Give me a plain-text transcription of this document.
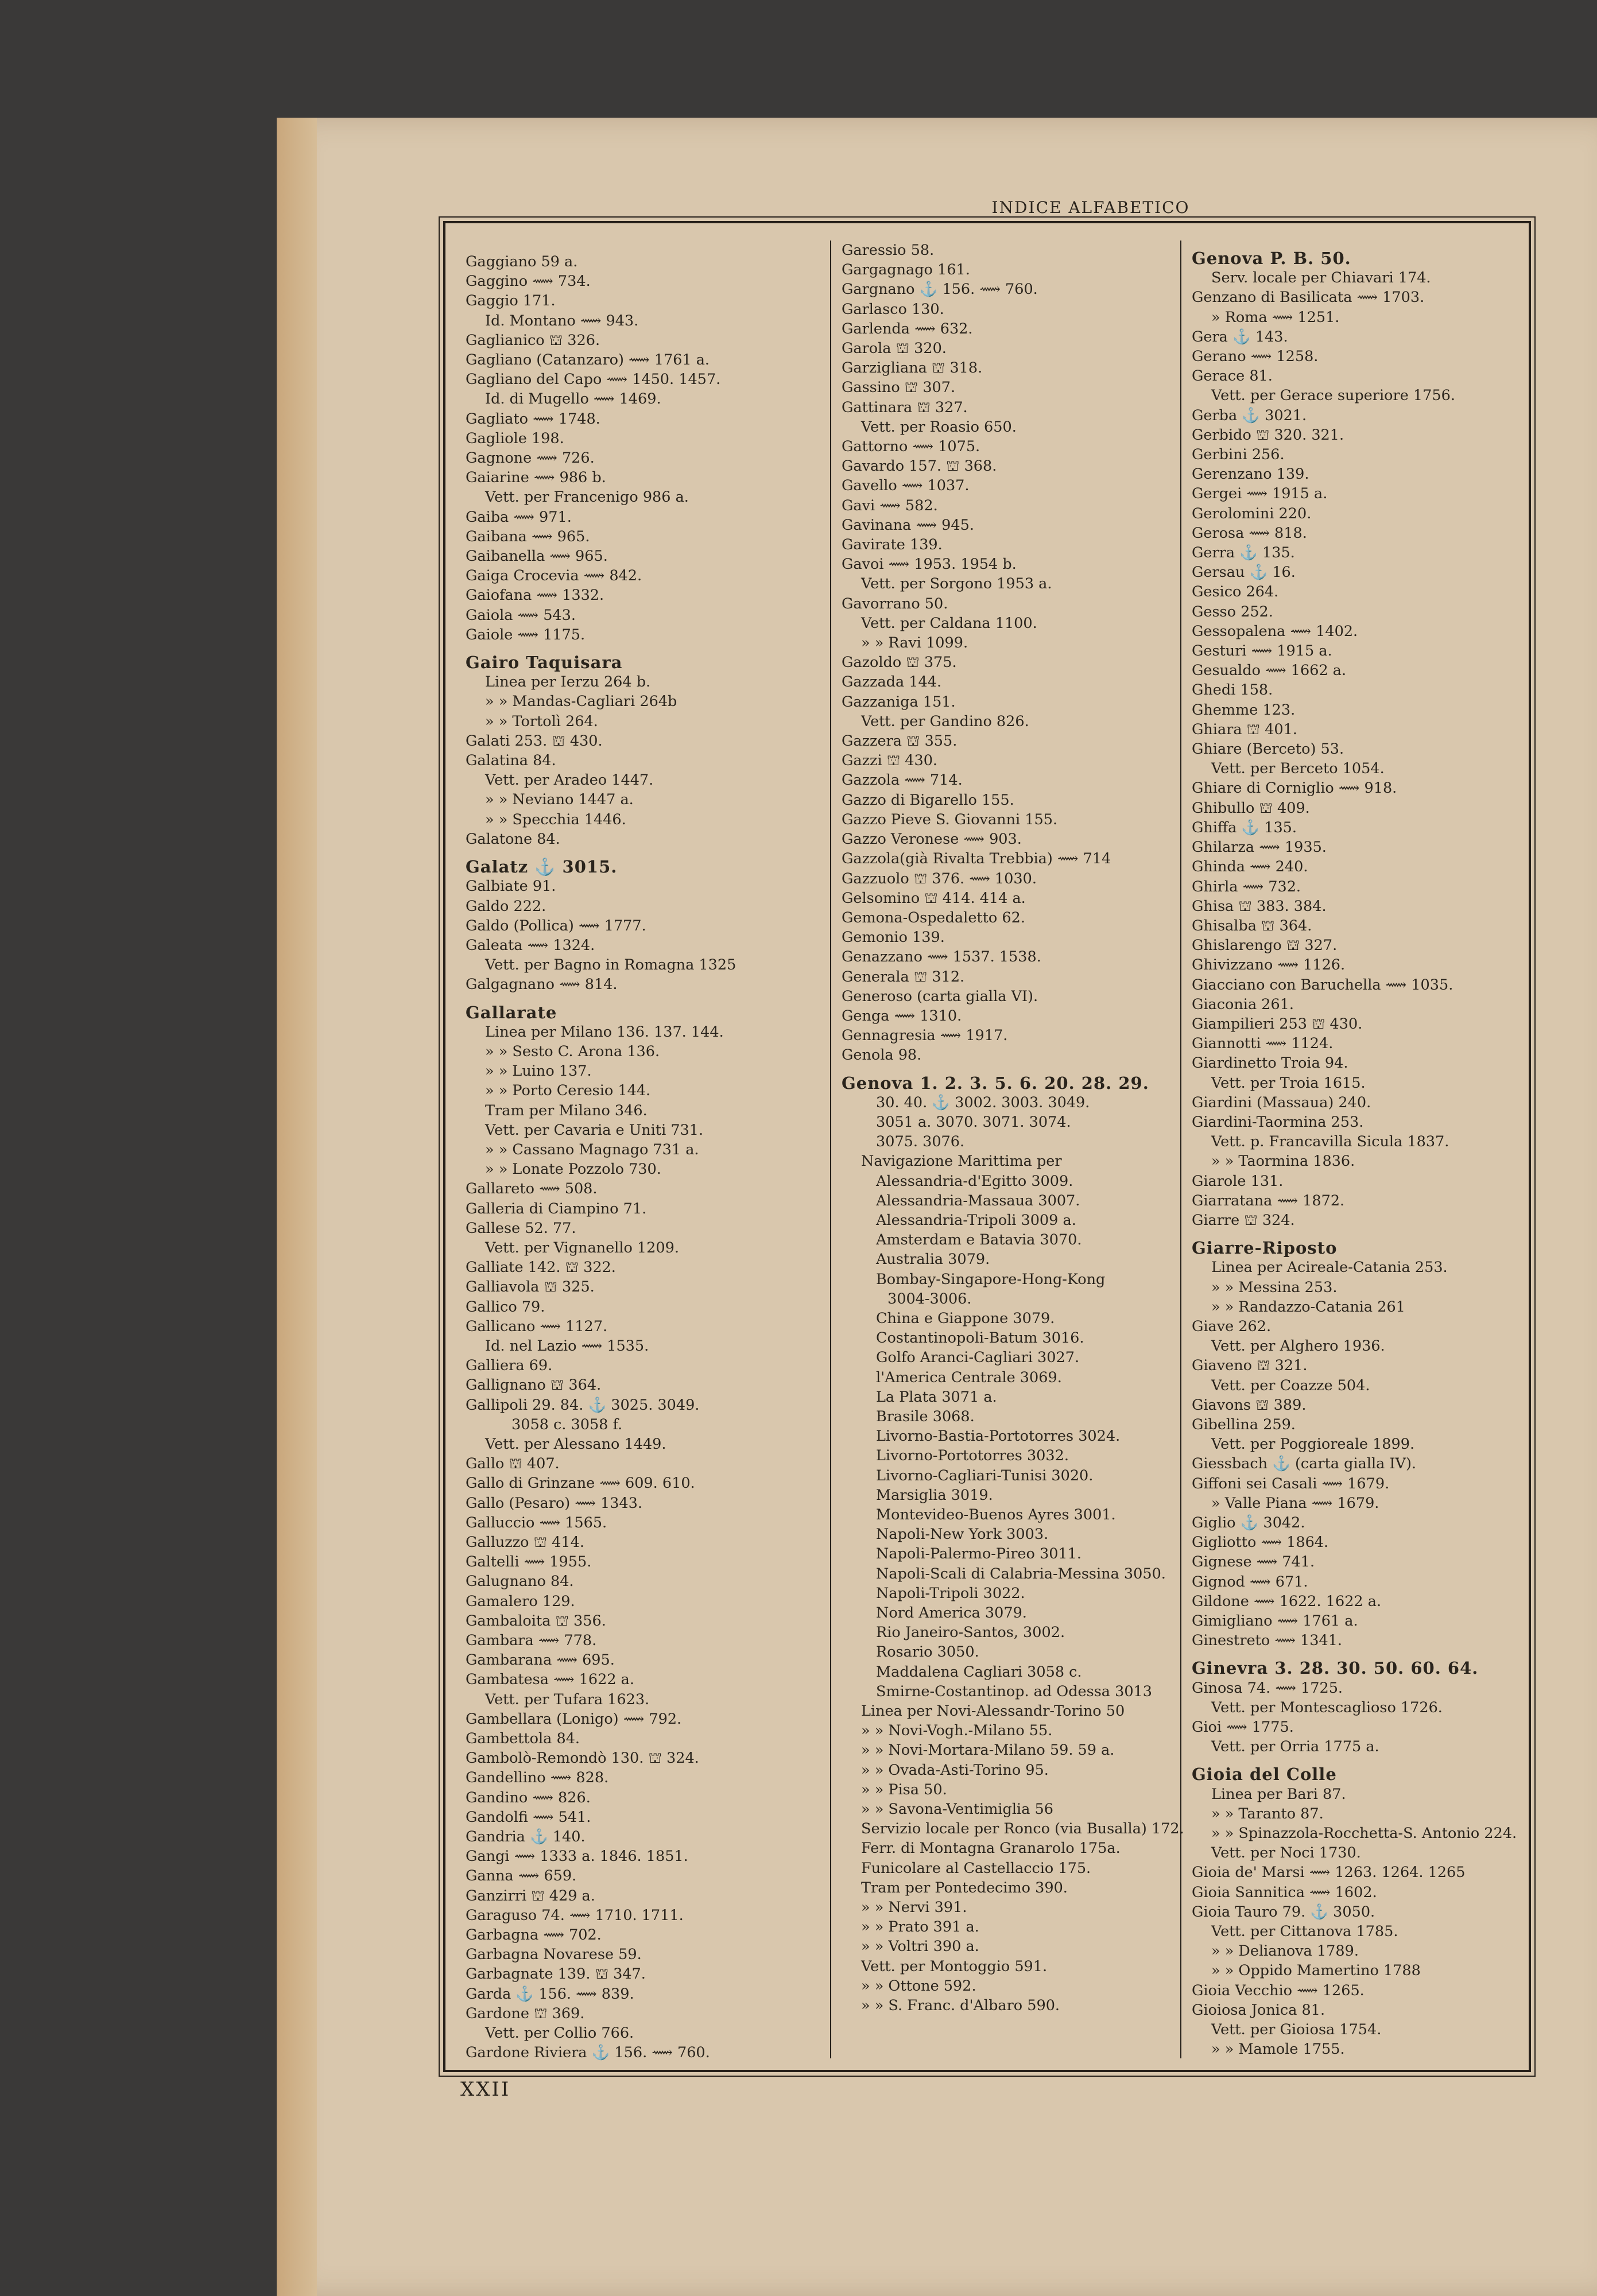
INDICE ALFABETICO
Gaggiano 59 a.
Gaggino ⟿ 734.
Gaggio 171.
Id. Montano ⟿ 943.
Gaglianico ⛫ 326.
Gagliano (Catanzaro) ⟿ 1761 a.
Gagliano del Capo ⟿ 1450. 1457.
Id. di Mugello ⟿ 1469.
Gagliato ⟿ 1748.
Gagliole 198.
Gagnone ⟿ 726.
Gaiarine ⟿ 986 b.
Vett. per Francenigo 986 a.
Gaiba ⟿ 971.
Gaibana ⟿ 965.
Gaibanella ⟿ 965.
Gaiga Crocevia ⟿ 842.
Gaiofana ⟿ 1332.
Gaiola ⟿ 543.
Gaiole ⟿ 1175.
Gairo Taquisara
Linea per Ierzu 264 b.
» » Mandas-Cagliari 264b
» » Tortolì 264.
Galati 253. ⛫ 430.
Galatina 84.
Vett. per Aradeo 1447.
» » Neviano 1447 a.
» » Specchia 1446.
Galatone 84.
Galatz ⚓ 3015.
Galbiate 91.
Galdo 222.
Galdo (Pollica) ⟿ 1777.
Galeata ⟿ 1324.
Vett. per Bagno in Romagna 1325
Galgagnano ⟿ 814.
Gallarate
Linea per Milano 136. 137. 144.
» » Sesto C. Arona 136.
» » Luino 137.
» » Porto Ceresio 144.
Tram per Milano 346.
Vett. per Cavaria e Uniti 731.
» » Cassano Magnago 731 a.
» » Lonate Pozzolo 730.
Gallareto ⟿ 508.
Galleria di Ciampino 71.
Gallese 52. 77.
Vett. per Vignanello 1209.
Galliate 142. ⛫ 322.
Galliavola ⛫ 325.
Gallico 79.
Gallicano ⟿ 1127.
Id. nel Lazio ⟿ 1535.
Galliera 69.
Gallignano ⛫ 364.
Gallipoli 29. 84. ⚓ 3025. 3049.
3058 c. 3058 f.
Vett. per Alessano 1449.
Gallo ⛫ 407.
Gallo di Grinzane ⟿ 609. 610.
Gallo (Pesaro) ⟿ 1343.
Galluccio ⟿ 1565.
Galluzzo ⛫ 414.
Galtelli ⟿ 1955.
Galugnano 84.
Gamalero 129.
Gambaloita ⛫ 356.
Gambara ⟿ 778.
Gambarana ⟿ 695.
Gambatesa ⟿ 1622 a.
Vett. per Tufara 1623.
Gambellara (Lonigo) ⟿ 792.
Gambettola 84.
Gambolò-Remondò 130. ⛫ 324.
Gandellino ⟿ 828.
Gandino ⟿ 826.
Gandolfi ⟿ 541.
Gandria ⚓ 140.
Gangi ⟿ 1333 a. 1846. 1851.
Ganna ⟿ 659.
Ganzirri ⛫ 429 a.
Garaguso 74. ⟿ 1710. 1711.
Garbagna ⟿ 702.
Garbagna Novarese 59.
Garbagnate 139. ⛫ 347.
Garda ⚓ 156. ⟿ 839.
Gardone ⛫ 369.
Vett. per Collio 766.
Gardone Riviera ⚓ 156. ⟿ 760.
Garessio 58.
Gargagnago 161.
Gargnano ⚓ 156. ⟿ 760.
Garlasco 130.
Garlenda ⟿ 632.
Garola ⛫ 320.
Garzigliana ⛫ 318.
Gassino ⛫ 307.
Gattinara ⛫ 327.
Vett. per Roasio 650.
Gattorno ⟿ 1075.
Gavardo 157. ⛫ 368.
Gavello ⟿ 1037.
Gavi ⟿ 582.
Gavinana ⟿ 945.
Gavirate 139.
Gavoi ⟿ 1953. 1954 b.
Vett. per Sorgono 1953 a.
Gavorrano 50.
Vett. per Caldana 1100.
» » Ravi 1099.
Gazoldo ⛫ 375.
Gazzada 144.
Gazzaniga 151.
Vett. per Gandino 826.
Gazzera ⛫ 355.
Gazzi ⛫ 430.
Gazzola ⟿ 714.
Gazzo di Bigarello 155.
Gazzo Pieve S. Giovanni 155.
Gazzo Veronese ⟿ 903.
Gazzola(già Rivalta Trebbia) ⟿ 714
Gazzuolo ⛫ 376. ⟿ 1030.
Gelsomino ⛫ 414. 414 a.
Gemona-Ospedaletto 62.
Gemonio 139.
Genazzano ⟿ 1537. 1538.
Generala ⛫ 312.
Generoso (carta gialla VI).
Genga ⟿ 1310.
Gennagresia ⟿ 1917.
Genola 98.
Genova 1. 2. 3. 5. 6. 20. 28. 29.
30. 40. ⚓ 3002. 3003. 3049.
3051 a. 3070. 3071. 3074.
3075. 3076.
Navigazione Marittima per
Alessandria-d'Egitto 3009.
Alessandria-Massaua 3007.
Alessandria-Tripoli 3009 a.
Amsterdam e Batavia 3070.
Australia 3079.
Bombay-Singapore-Hong-Kong
3004-3006.
China e Giappone 3079.
Costantinopoli-Batum 3016.
Golfo Aranci-Cagliari 3027.
l'America Centrale 3069.
La Plata 3071 a.
Brasile 3068.
Livorno-Bastia-Portotorres 3024.
Livorno-Portotorres 3032.
Livorno-Cagliari-Tunisi 3020.
Marsiglia 3019.
Montevideo-Buenos Ayres 3001.
Napoli-New York 3003.
Napoli-Palermo-Pireo 3011.
Napoli-Scali di Calabria-Messina 3050.
Napoli-Tripoli 3022.
Nord America 3079.
Rio Janeiro-Santos, 3002.
Rosario 3050.
Maddalena Cagliari 3058 c.
Smirne-Costantinop. ad Odessa 3013
Linea per Novi-Alessandr-Torino 50
» » Novi-Vogh.-Milano 55.
» » Novi-Mortara-Milano 59. 59 a.
» » Ovada-Asti-Torino 95.
» » Pisa 50.
» » Savona-Ventimiglia 56
Servizio locale per Ronco (via Busalla) 172.
Ferr. di Montagna Granarolo 175a.
Funicolare al Castellaccio 175.
Tram per Pontedecimo 390.
» » Nervi 391.
» » Prato 391 a.
» » Voltri 390 a.
Vett. per Montoggio 591.
» » Ottone 592.
» » S. Franc. d'Albaro 590.
Genova P. B. 50.
Serv. locale per Chiavari 174.
Genzano di Basilicata ⟿ 1703.
» Roma ⟿ 1251.
Gera ⚓ 143.
Gerano ⟿ 1258.
Gerace 81.
Vett. per Gerace superiore 1756.
Gerba ⚓ 3021.
Gerbido ⛫ 320. 321.
Gerbini 256.
Gerenzano 139.
Gergei ⟿ 1915 a.
Gerolomini 220.
Gerosa ⟿ 818.
Gerra ⚓ 135.
Gersau ⚓ 16.
Gesico 264.
Gesso 252.
Gessopalena ⟿ 1402.
Gesturi ⟿ 1915 a.
Gesualdo ⟿ 1662 a.
Ghedi 158.
Ghemme 123.
Ghiara ⛫ 401.
Ghiare (Berceto) 53.
Vett. per Berceto 1054.
Ghiare di Corniglio ⟿ 918.
Ghibullo ⛫ 409.
Ghiffa ⚓ 135.
Ghilarza ⟿ 1935.
Ghinda ⟿ 240.
Ghirla ⟿ 732.
Ghisa ⛫ 383. 384.
Ghisalba ⛫ 364.
Ghislarengo ⛫ 327.
Ghivizzano ⟿ 1126.
Giacciano con Baruchella ⟿ 1035.
Giaconia 261.
Giampilieri 253 ⛫ 430.
Giannotti ⟿ 1124.
Giardinetto Troia 94.
Vett. per Troia 1615.
Giardini (Massaua) 240.
Giardini-Taormina 253.
Vett. p. Francavilla Sicula 1837.
» » Taormina 1836.
Giarole 131.
Giarratana ⟿ 1872.
Giarre ⛫ 324.
Giarre-Riposto
Linea per Acireale-Catania 253.
» » Messina 253.
» » Randazzo-Catania 261
Giave 262.
Vett. per Alghero 1936.
Giaveno ⛫ 321.
Vett. per Coazze 504.
Giavons ⛫ 389.
Gibellina 259.
Vett. per Poggioreale 1899.
Giessbach ⚓ (carta gialla IV).
Giffoni sei Casali ⟿ 1679.
» Valle Piana ⟿ 1679.
Giglio ⚓ 3042.
Gigliotto ⟿ 1864.
Gignese ⟿ 741.
Gignod ⟿ 671.
Gildone ⟿ 1622. 1622 a.
Gimigliano ⟿ 1761 a.
Ginestreto ⟿ 1341.
Ginevra 3. 28. 30. 50. 60. 64.
Ginosa 74. ⟿ 1725.
Vett. per Montescaglioso 1726.
Gioi ⟿ 1775.
Vett. per Orria 1775 a.
Gioia del Colle
Linea per Bari 87.
» » Taranto 87.
» » Spinazzola-Rocchetta-S. Antonio 224.
Vett. per Noci 1730.
Gioia de' Marsi ⟿ 1263. 1264. 1265
Gioia Sannitica ⟿ 1602.
Gioia Tauro 79. ⚓ 3050.
Vett. per Cittanova 1785.
» » Delianova 1789.
» » Oppido Mamertino 1788
Gioia Vecchio ⟿ 1265.
Gioiosa Jonica 81.
Vett. per Gioiosa 1754.
» » Mamole 1755.
XXII
